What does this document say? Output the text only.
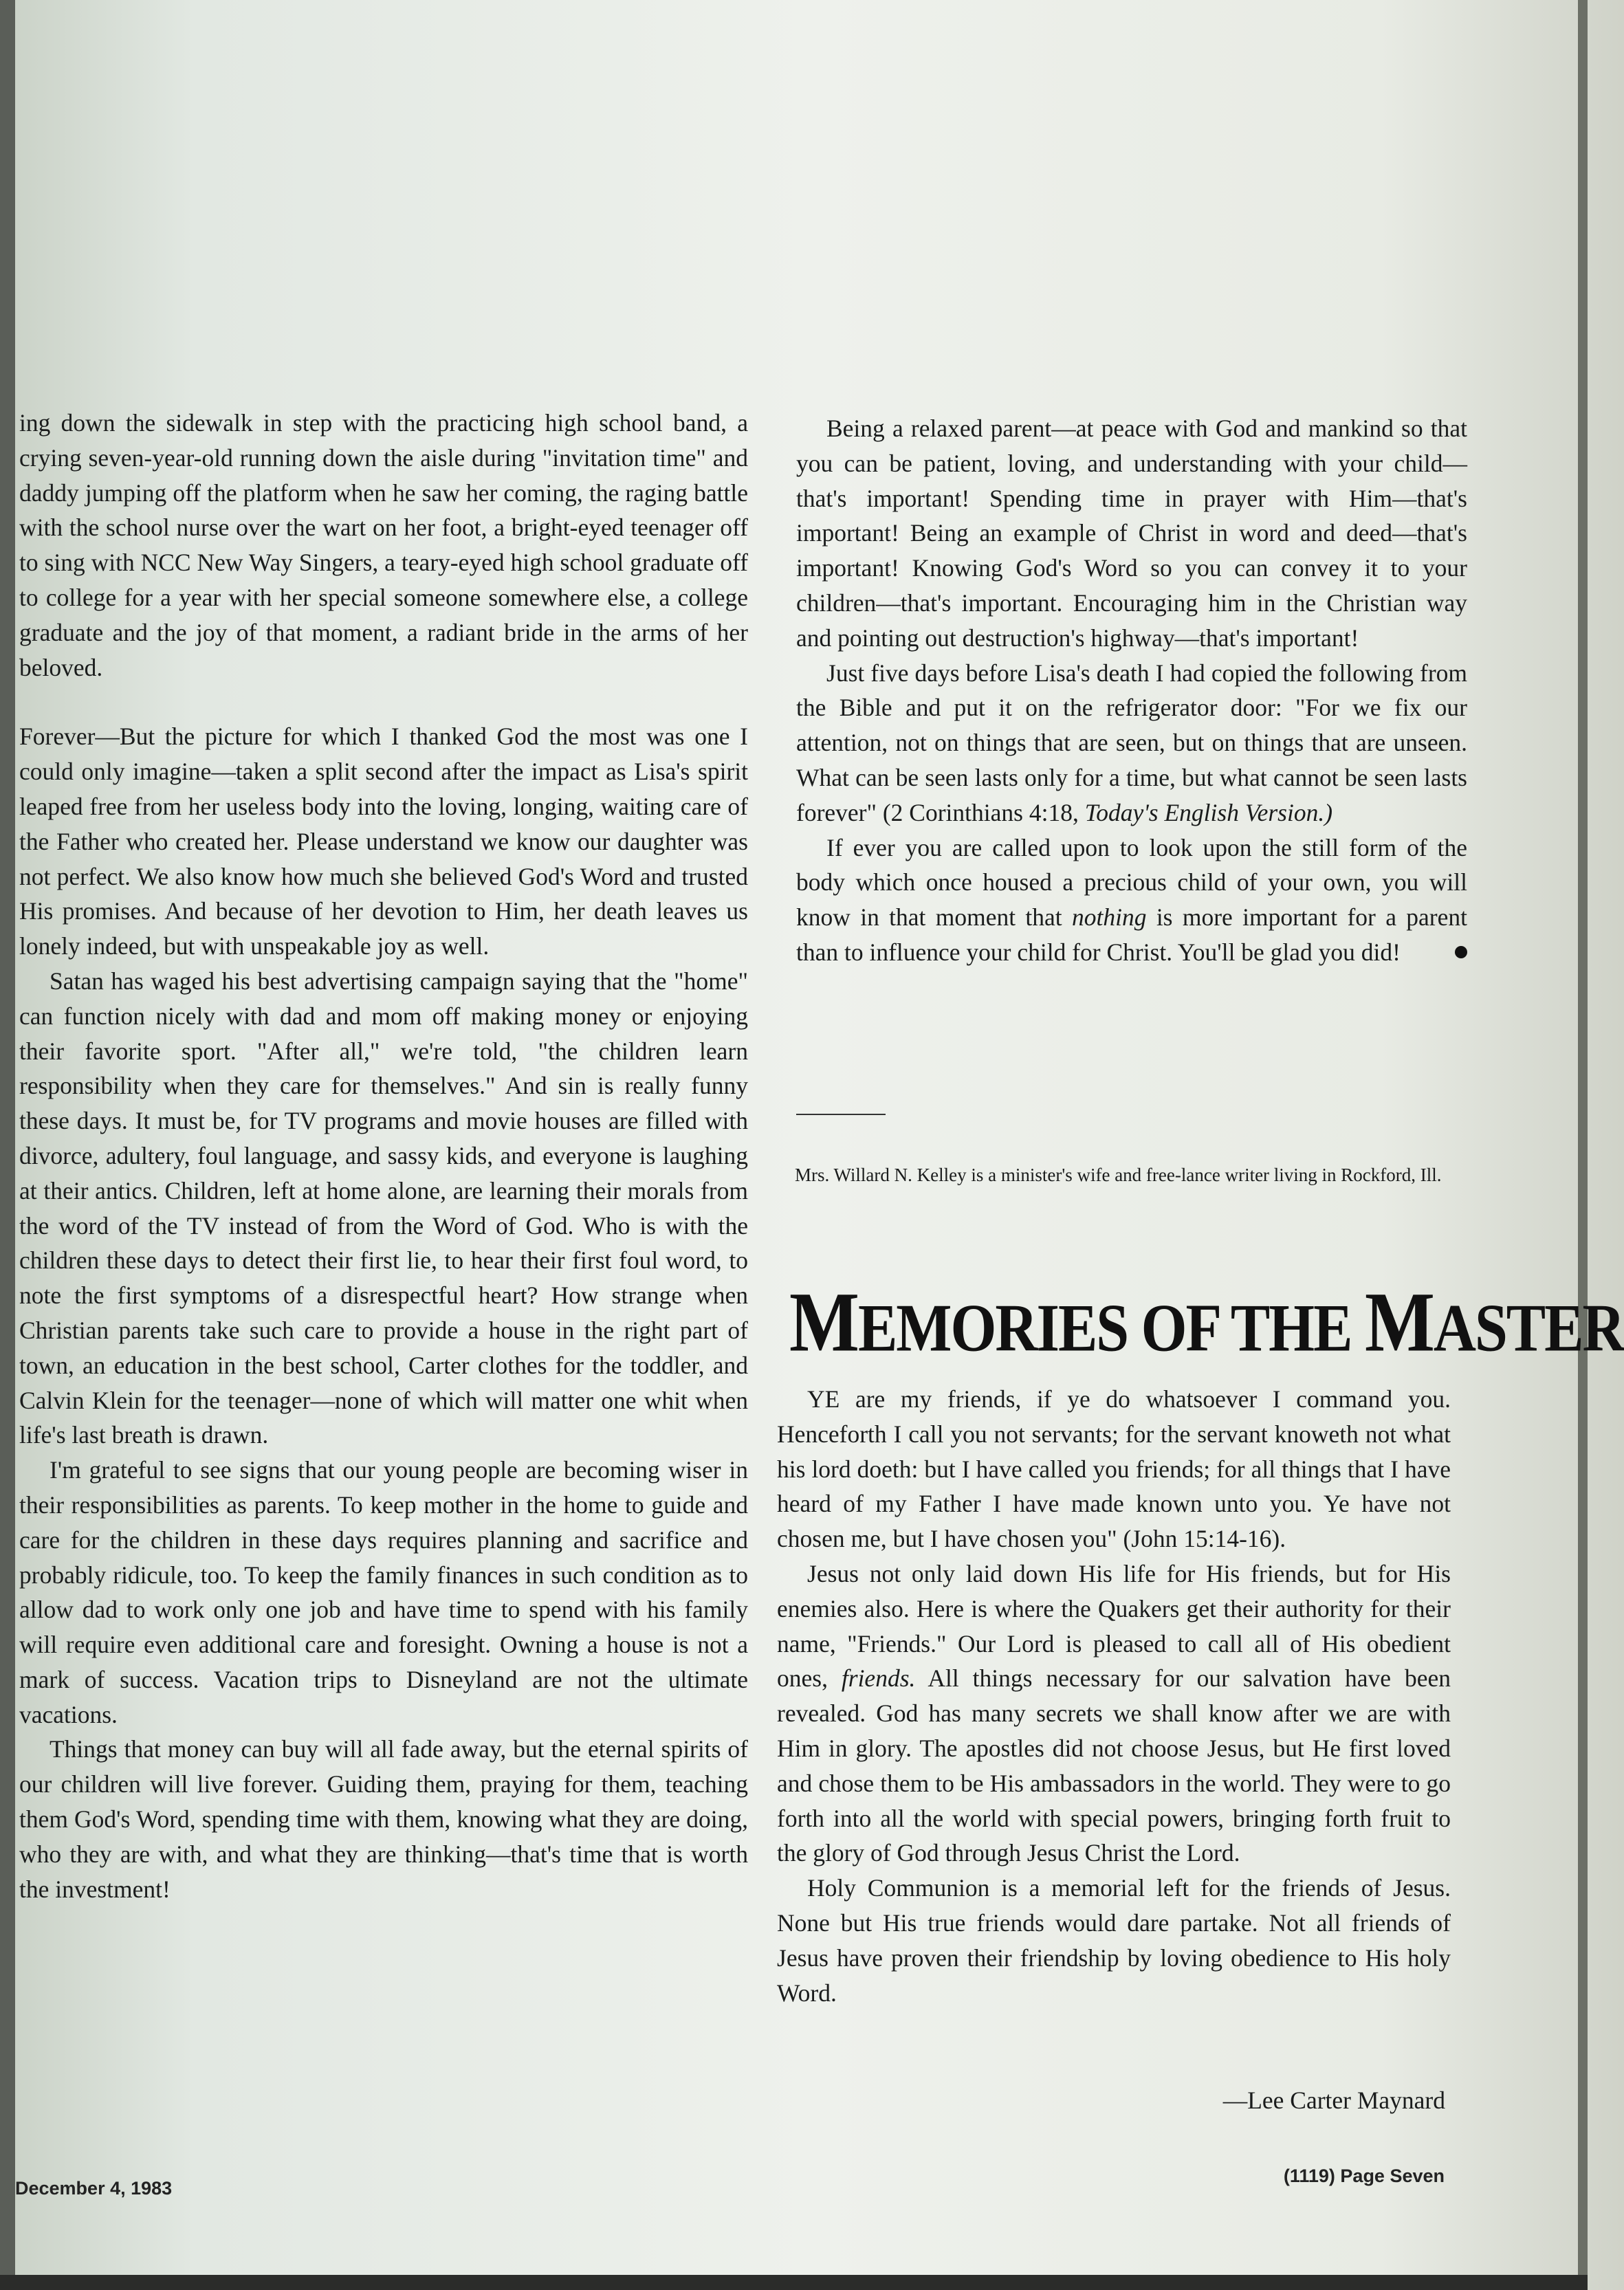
ing down the sidewalk in step with the practicing high school band, a crying seven-year-old running down the aisle during "invitation time" and daddy jumping off the platform when he saw her coming, the raging battle with the school nurse over the wart on her foot, a bright-eyed teenager off to sing with NCC New Way Singers, a teary-eyed high school graduate off to college for a year with her special someone somewhere else, a college graduate and the joy of that moment, a radiant bride in the arms of her beloved.

Forever—But the picture for which I thanked God the most was one I could only imagine—taken a split second after the impact as Lisa's spirit leaped free from her useless body into the loving, longing, waiting care of the Father who created her. Please understand we know our daughter was not perfect. We also know how much she believed God's Word and trusted His promises. And because of her devotion to Him, her death leaves us lonely indeed, but with unspeakable joy as well.

Satan has waged his best advertising campaign saying that the "home" can function nicely with dad and mom off making money or enjoying their favorite sport. "After all," we're told, "the children learn responsibility when they care for themselves." And sin is really funny these days. It must be, for TV programs and movie houses are filled with divorce, adultery, foul language, and sassy kids, and everyone is laughing at their antics. Children, left at home alone, are learning their morals from the word of the TV instead of from the Word of God. Who is with the children these days to detect their first lie, to hear their first foul word, to note the first symptoms of a disrespectful heart? How strange when Christian parents take such care to provide a house in the right part of town, an education in the best school, Carter clothes for the toddler, and Calvin Klein for the teenager—none of which will matter one whit when life's last breath is drawn.

I'm grateful to see signs that our young people are becoming wiser in their responsibilities as parents. To keep mother in the home to guide and care for the children in these days requires planning and sacrifice and probably ridicule, too. To keep the family finances in such condition as to allow dad to work only one job and have time to spend with his family will require even additional care and foresight. Owning a house is not a mark of success. Vacation trips to Disneyland are not the ultimate vacations.

Things that money can buy will all fade away, but the eternal spirits of our children will live forever. Guiding them, praying for them, teaching them God's Word, spending time with them, knowing what they are doing, who they are with, and what they are thinking—that's time that is worth the investment!

Being a relaxed parent—at peace with God and mankind so that you can be patient, loving, and understanding with your child—that's important! Spending time in prayer with Him—that's important! Being an example of Christ in word and deed—that's important! Knowing God's Word so you can convey it to your children—that's important. Encouraging him in the Christian way and pointing out destruction's highway—that's important!

Just five days before Lisa's death I had copied the following from the Bible and put it on the refrigerator door: "For we fix our attention, not on things that are seen, but on things that are unseen. What can be seen lasts only for a time, but what cannot be seen lasts forever" (2 Corinthians 4:18, Today's English Version.)

If ever you are called upon to look upon the still form of the body which once housed a precious child of your own, you will know in that moment that nothing is more important for a parent than to influence your child for Christ. You'll be glad you did!

Mrs. Willard N. Kelley is a minister's wife and free-lance writer living in Rockford, Ill.

MEMORIES OF THE MASTER

YE are my friends, if ye do whatsoever I command you. Henceforth I call you not servants; for the servant knoweth not what his lord doeth: but I have called you friends; for all things that I have heard of my Father I have made known unto you. Ye have not chosen me, but I have chosen you" (John 15:14-16).

Jesus not only laid down His life for His friends, but for His enemies also. Here is where the Quakers get their authority for their name, "Friends." Our Lord is pleased to call all of His obedient ones, friends. All things necessary for our salvation have been revealed. God has many secrets we shall know after we are with Him in glory. The apostles did not choose Jesus, but He first loved and chose them to be His ambassadors in the world. They were to go forth into all the world with special powers, bringing forth fruit to the glory of God through Jesus Christ the Lord.

Holy Communion is a memorial left for the friends of Jesus. None but His true friends would dare partake. Not all friends of Jesus have proven their friendship by loving obedience to His holy Word.

—Lee Carter Maynard
December 4, 1983
(1119) Page Seven
